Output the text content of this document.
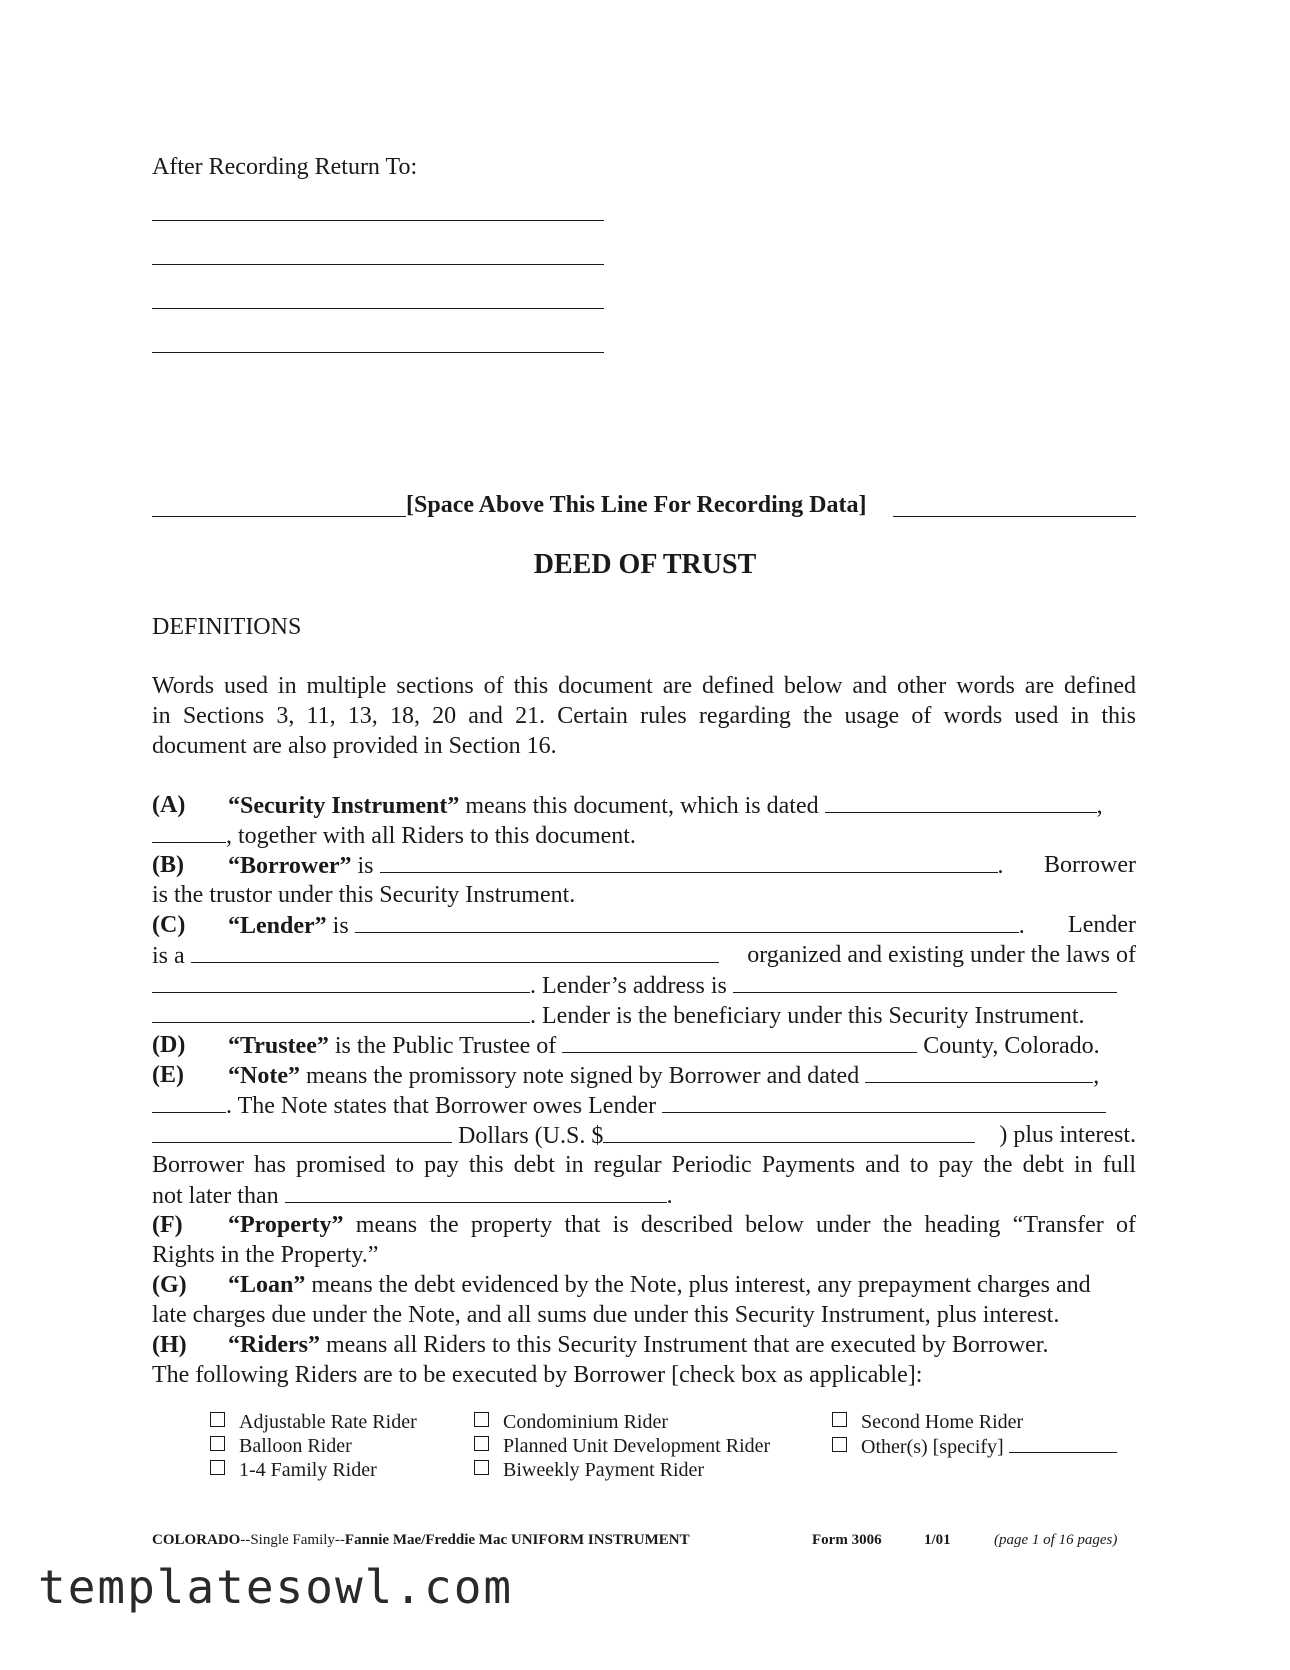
After Recording Return To:
[Space Above This Line For Recording Data]
DEED OF TRUST
DEFINITIONS
Words used in multiple sections of this document are defined below and other words are defined
in Sections 3, 11, 13, 18, 20 and 21. Certain rules regarding the usage of words used in this
document are also provided in Section 16.
(A) “Security Instrument” means this document, which is dated	,
, together with all Riders to this document.
(B) “Borrower” is	. Borrower
is the trustor under this Security Instrument.
(C) “Lender” is	. Lender
is a	organized and existing under the laws of
. Lender’s address is
. Lender is the beneficiary under this Security Instrument.
(D) “Trustee” is the Public Trustee of	County, Colorado.
(E) “Note” means the promissory note signed by Borrower and dated	,
. The Note states that Borrower owes Lender
Dollars (U.S. $	) plus interest.
Borrower has promised to pay this debt in regular Periodic Payments and to pay the debt in full
not later than	.
(F) “Property” means the property that is described below under the heading “Transfer of
Rights in the Property.”
(G) “Loan” means the debt evidenced by the Note, plus interest, any prepayment charges and
late charges due under the Note, and all sums due under this Security Instrument, plus interest.
(H) “Riders” means all Riders to this Security Instrument that are executed by Borrower.
The following Riders are to be executed by Borrower [check box as applicable]:
Adjustable Rate Rider
Balloon Rider
1-4 Family Rider
Condominium Rider
Planned Unit Development Rider
Biweekly Payment Rider
Second Home Rider
Other(s) [specify]
COLORADO--Single Family--Fannie Mae/Freddie Mac UNIFORM INSTRUMENT	Form 3006	1/01	(page 1 of 16 pages)
templatesowl.com
